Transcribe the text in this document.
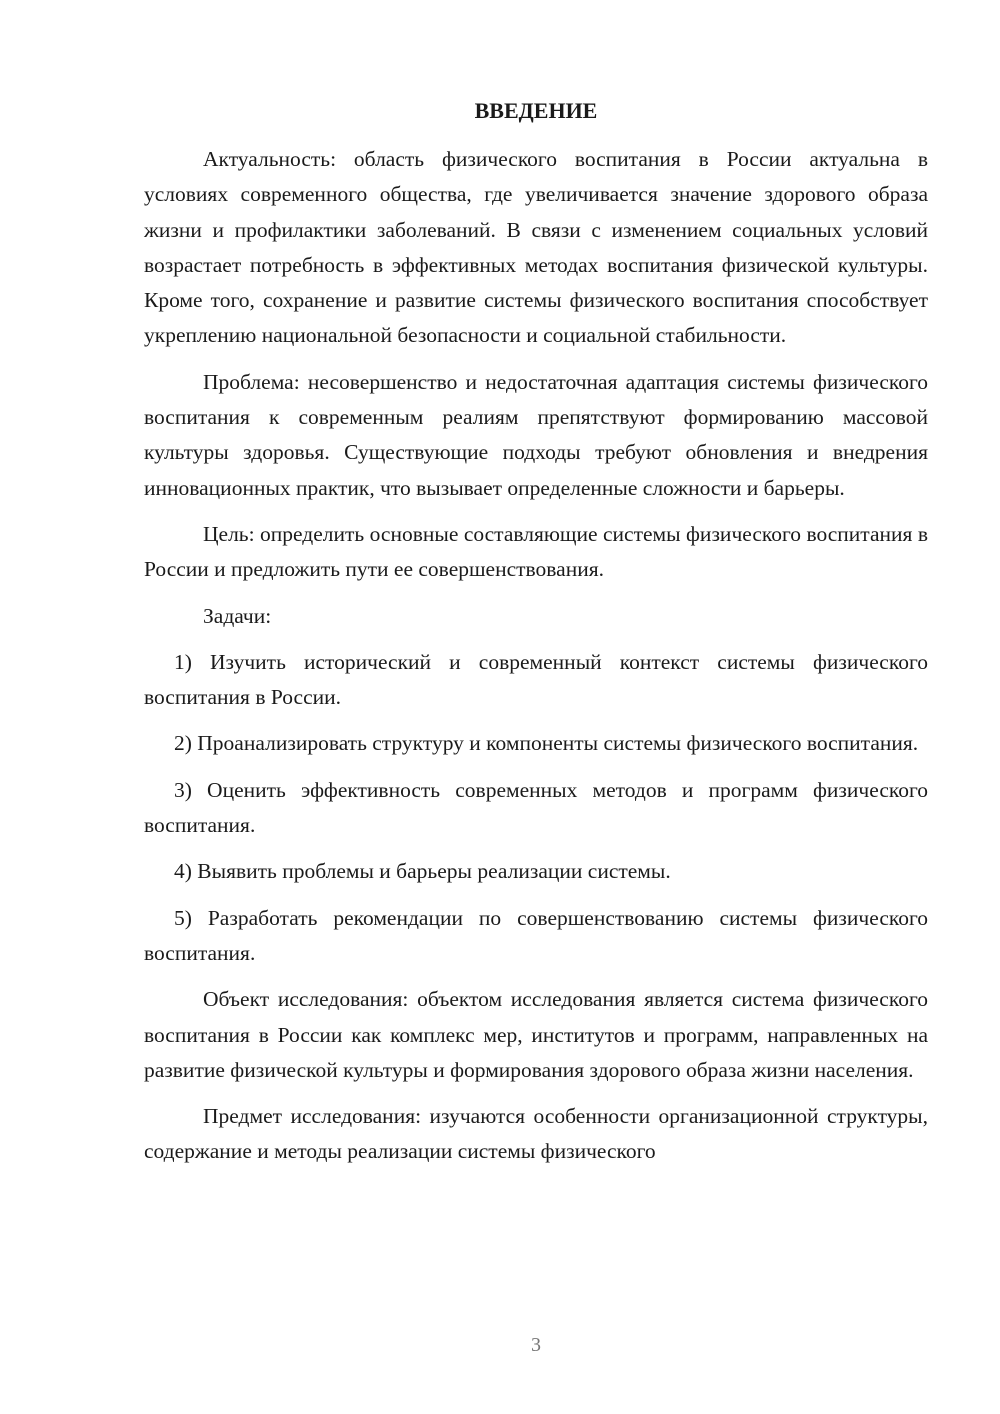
ВВЕДЕНИЕ

Актуальность: область физического воспитания в России актуальна в условиях современного общества, где увеличивается значение здорового образа жизни и профилактики заболеваний. В связи с изменением социальных условий возрастает потребность в эффективных методах воспитания физической культуры. Кроме того, сохранение и развитие системы физического воспитания способствует укреплению национальной безопасности и социальной стабильности.

Проблема: несовершенство и недостаточная адаптация системы физического воспитания к современным реалиям препятствуют формированию массовой культуры здоровья. Существующие подходы требуют обновления и внедрения инновационных практик, что вызывает определенные сложности и барьеры.

Цель: определить основные составляющие системы физического воспитания в России и предложить пути ее совершенствования.

Задачи:

1) Изучить исторический и современный контекст системы физического воспитания в России.

2) Проанализировать структуру и компоненты системы физического воспитания.

3) Оценить эффективность современных методов и программ физического воспитания.

4) Выявить проблемы и барьеры реализации системы.

5) Разработать рекомендации по совершенствованию системы физического воспитания.

Объект исследования: объектом исследования является система физического воспитания в России как комплекс мер, институтов и программ, направленных на развитие физической культуры и формирования здорового образа жизни населения.

Предмет исследования: изучаются особенности организационной структуры, содержание и методы реализации системы физического

3
